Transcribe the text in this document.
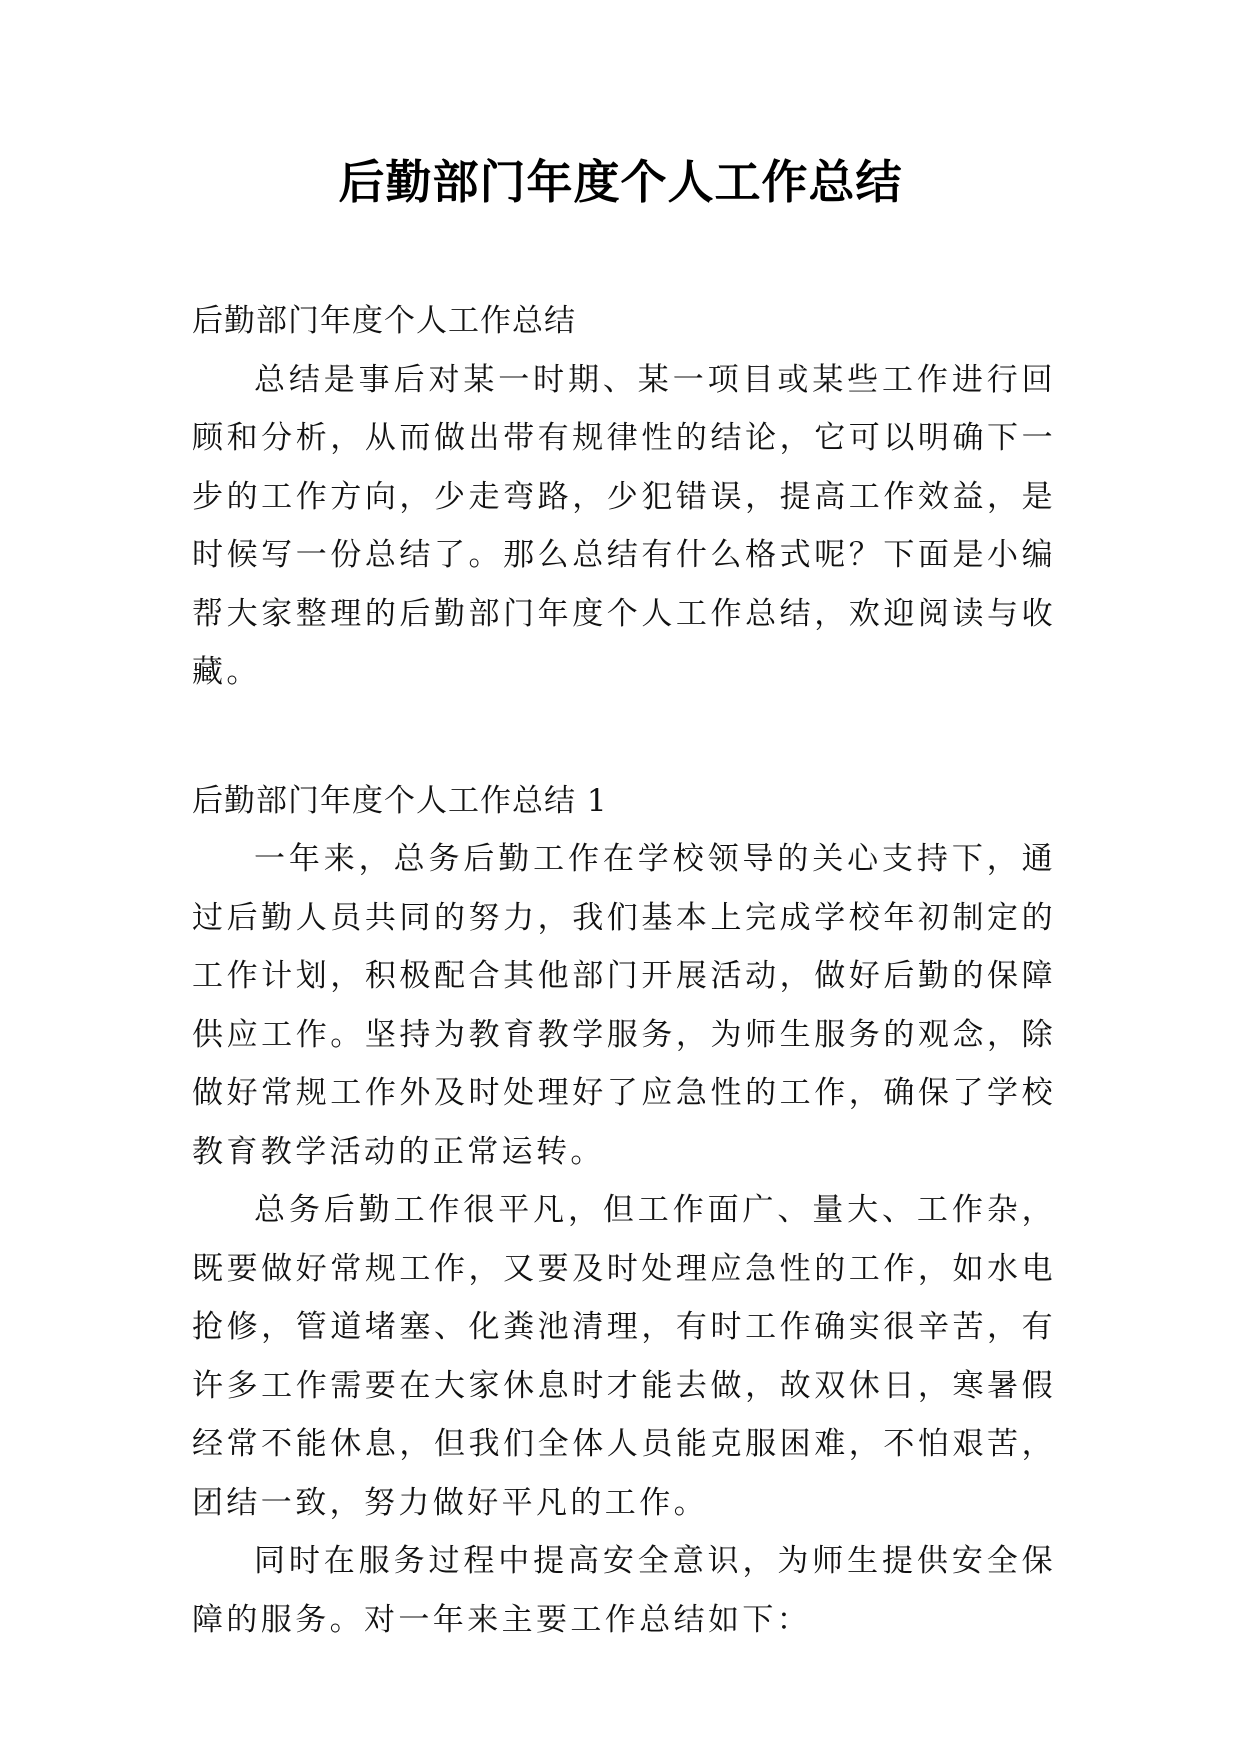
后勤部门年度个人工作总结

后勤部门年度个人工作总结

总结是事后对某一时期、某一项目或某些工作进行回顾和分析，从而做出带有规律性的结论，它可以明确下一步的工作方向，少走弯路，少犯错误，提高工作效益，是时候写一份总结了。那么总结有什么格式呢？下面是小编帮大家整理的后勤部门年度个人工作总结，欢迎阅读与收藏。

后勤部门年度个人工作总结 1

一年来，总务后勤工作在学校领导的关心支持下，通过后勤人员共同的努力，我们基本上完成学校年初制定的工作计划，积极配合其他部门开展活动，做好后勤的保障供应工作。坚持为教育教学服务，为师生服务的观念，除做好常规工作外及时处理好了应急性的工作，确保了学校教育教学活动的正常运转。

总务后勤工作很平凡，但工作面广、量大、工作杂，既要做好常规工作，又要及时处理应急性的工作，如水电抢修，管道堵塞、化粪池清理，有时工作确实很辛苦，有许多工作需要在大家休息时才能去做，故双休日，寒暑假经常不能休息，但我们全体人员能克服困难，不怕艰苦，团结一致，努力做好平凡的工作。

同时在服务过程中提高安全意识，为师生提供安全保障的服务。对一年来主要工作总结如下：
